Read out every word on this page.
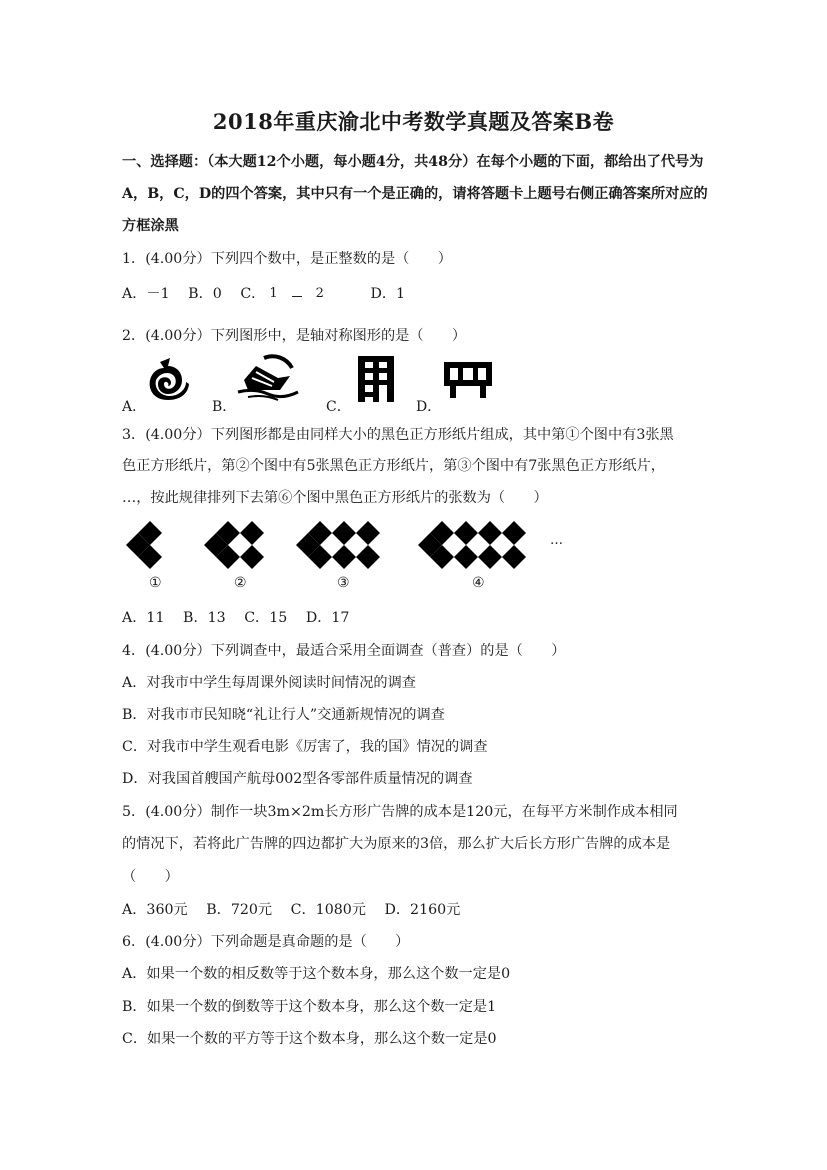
2018年重庆渝北中考数学真题及答案B卷
一、选择题：（本大题12个小题，每小题4分，共48分）在每个小题的下面，都给出了代号为A，B，C，D的四个答案，其中只有一个是正确的，请将答题卡上题号右侧正确答案所对应的方框涂黑
1．(4.00分）下列四个数中，是正整数的是（　　）
A．－1 B．0 C． 1	2	D．1
2．(4.00分）下列图形中，是轴对称图形的是（　　）
A．	B．	C．	D．
3．(4.00分）下列图形都是由同样大小的黑色正方形纸片组成，其中第①个图中有3张黑
色正方形纸片，第②个图中有5张黑色正方形纸片，第③个图中有7张黑色正方形纸片，
…，按此规律排列下去第⑥个图中黑色正方形纸片的张数为（　　）
①	②	③	④
…
A．11 B．13 C．15 D．17
4．(4.00分）下列调查中，最适合采用全面调查（普查）的是（　　）
A．对我市中学生每周课外阅读时间情况的调查
B．对我市市民知晓“礼让行人”交通新规情况的调查
C．对我市中学生观看电影《厉害了，我的国》情况的调查
D．对我国首艘国产航母002型各零部件质量情况的调查
5．(4.00分）制作一块3m×2m长方形广告牌的成本是120元，在每平方米制作成本相同
的情况下，若将此广告牌的四边都扩大为原来的3倍，那么扩大后长方形广告牌的成本是
（　　）
A．360元 B．720元 C．1080元 D．2160元
6．(4.00分）下列命题是真命题的是（　　）
A．如果一个数的相反数等于这个数本身，那么这个数一定是0
B．如果一个数的倒数等于这个数本身，那么这个数一定是1
C．如果一个数的平方等于这个数本身，那么这个数一定是0
